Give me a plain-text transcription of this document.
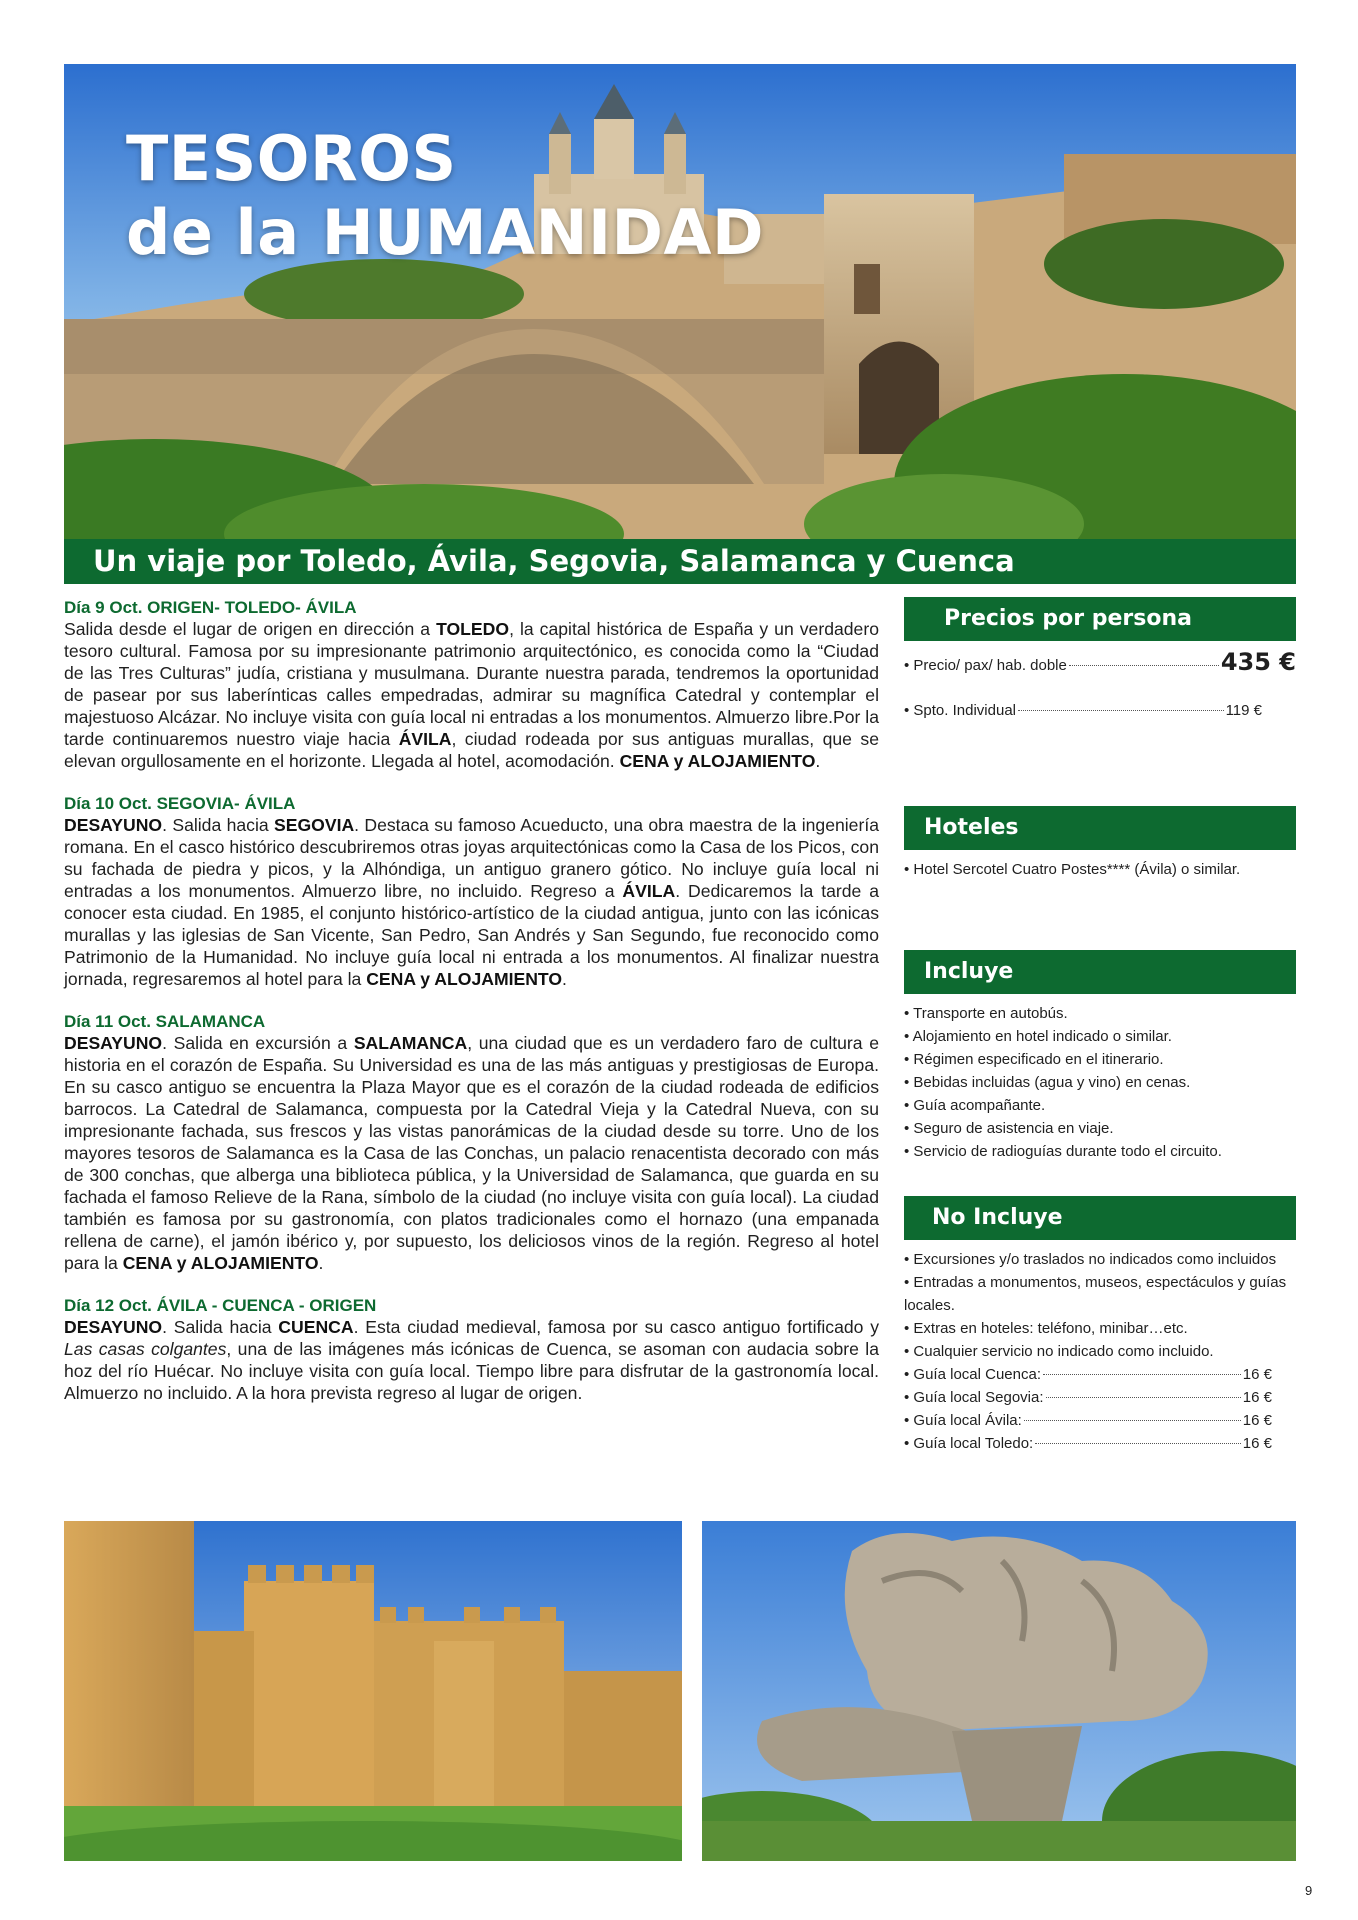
TESOROS
de la HUMANIDAD
Un viaje por Toledo, Ávila, Segovia, Salamanca y Cuenca
Día 9 Oct. ORIGEN- TOLEDO- ÁVILA

Salida desde el lugar de origen en dirección a TOLEDO, la capital histórica de España y un verdadero tesoro cultural. Famosa por su impresionante patrimonio arquitectónico, es conocida como la “Ciudad de las Tres Culturas” judía, cristiana y musulmana. Durante nuestra parada, tendremos la oportunidad de pasear por sus laberínticas calles empedradas, admirar su magnífica Catedral y contemplar el majestuoso Alcázar. No incluye visita con guía local ni entradas a los monumentos. Almuerzo libre.Por la tarde continuaremos nuestro viaje hacia ÁVILA, ciudad rodeada por sus antiguas murallas, que se elevan orgullosamente en el horizonte. Llegada al hotel, acomodación. CENA y ALOJAMIENTO.

Día 10 Oct. SEGOVIA- ÁVILA

DESAYUNO. Salida hacia SEGOVIA. Destaca su famoso Acueducto, una obra maestra de la ingeniería romana. En el casco histórico descubriremos otras joyas arquitectónicas como la Casa de los Picos, con su fachada de piedra y picos, y la Alhóndiga, un antiguo granero gótico. No incluye guía local ni entradas a los monumentos. Almuerzo libre, no incluido. Regreso a ÁVILA. Dedicaremos la tarde a conocer esta ciudad. En 1985, el conjunto histórico-artístico de la ciudad antigua, junto con las icónicas murallas y las iglesias de San Vicente, San Pedro, San Andrés y San Segundo, fue reconocido como Patrimonio de la Humanidad. No incluye guía local ni entrada a los monumentos. Al finalizar nuestra jornada, regresaremos al hotel para la CENA y ALOJAMIENTO.

Día 11 Oct. SALAMANCA

DESAYUNO. Salida en excursión a SALAMANCA, una ciudad que es un verdadero faro de cultura e historia en el corazón de España. Su Universidad es una de las más antiguas y prestigiosas de Europa. En su casco antiguo se encuentra la Plaza Mayor que es el corazón de la ciudad rodeada de edificios barrocos. La Catedral de Salamanca, compuesta por la Catedral Vieja y la Catedral Nueva, con su impresionante fachada, sus frescos y las vistas panorámicas de la ciudad desde su torre. Uno de los mayores tesoros de Salamanca es la Casa de las Conchas, un palacio renacentista decorado con más de 300 conchas, que alberga una biblioteca pública, y la Universidad de Salamanca, que guarda en su fachada el famoso Relieve de la Rana, símbolo de la ciudad (no incluye visita con guía local). La ciudad también es famosa por su gastronomía, con platos tradicionales como el hornazo (una empanada rellena de carne), el jamón ibérico y, por supuesto, los deliciosos vinos de la región. Regreso al hotel para la CENA y ALOJAMIENTO.

Día 12 Oct. ÁVILA - CUENCA - ORIGEN

DESAYUNO. Salida hacia CUENCA. Esta ciudad medieval, famosa por su casco antiguo fortificado y Las casas colgantes, una de las imágenes más icónicas de Cuenca, se asoman con audacia sobre la hoz del río Huécar. No incluye visita con guía local. Tiempo libre para disfrutar de la gastronomía local. Almuerzo no incluido. A la hora prevista regreso al lugar de origen.

Precios por persona
• Precio/ pax/ hab. doble	435 €
• Spto. Individual	119 €
Hoteles
• Hotel Sercotel Cuatro Postes**** (Ávila) o similar.
Incluye
• Transporte en autobús.
• Alojamiento en hotel indicado o similar.
• Régimen especificado en el itinerario.
• Bebidas incluidas (agua y vino) en cenas.
• Guía acompañante.
• Seguro de asistencia en viaje.
• Servicio de radioguías durante todo el circuito.
No Incluye
• Excursiones y/o traslados no indicados como incluidos
• Entradas a monumentos, museos, espectáculos y guías locales.
• Extras en hoteles: teléfono, minibar…etc.
• Cualquier servicio no indicado como incluido.
• Guía local Cuenca:	16 €
• Guía local Segovia:	16 €
• Guía local Ávila:	16 €
• Guía local Toledo:	16 €
9
